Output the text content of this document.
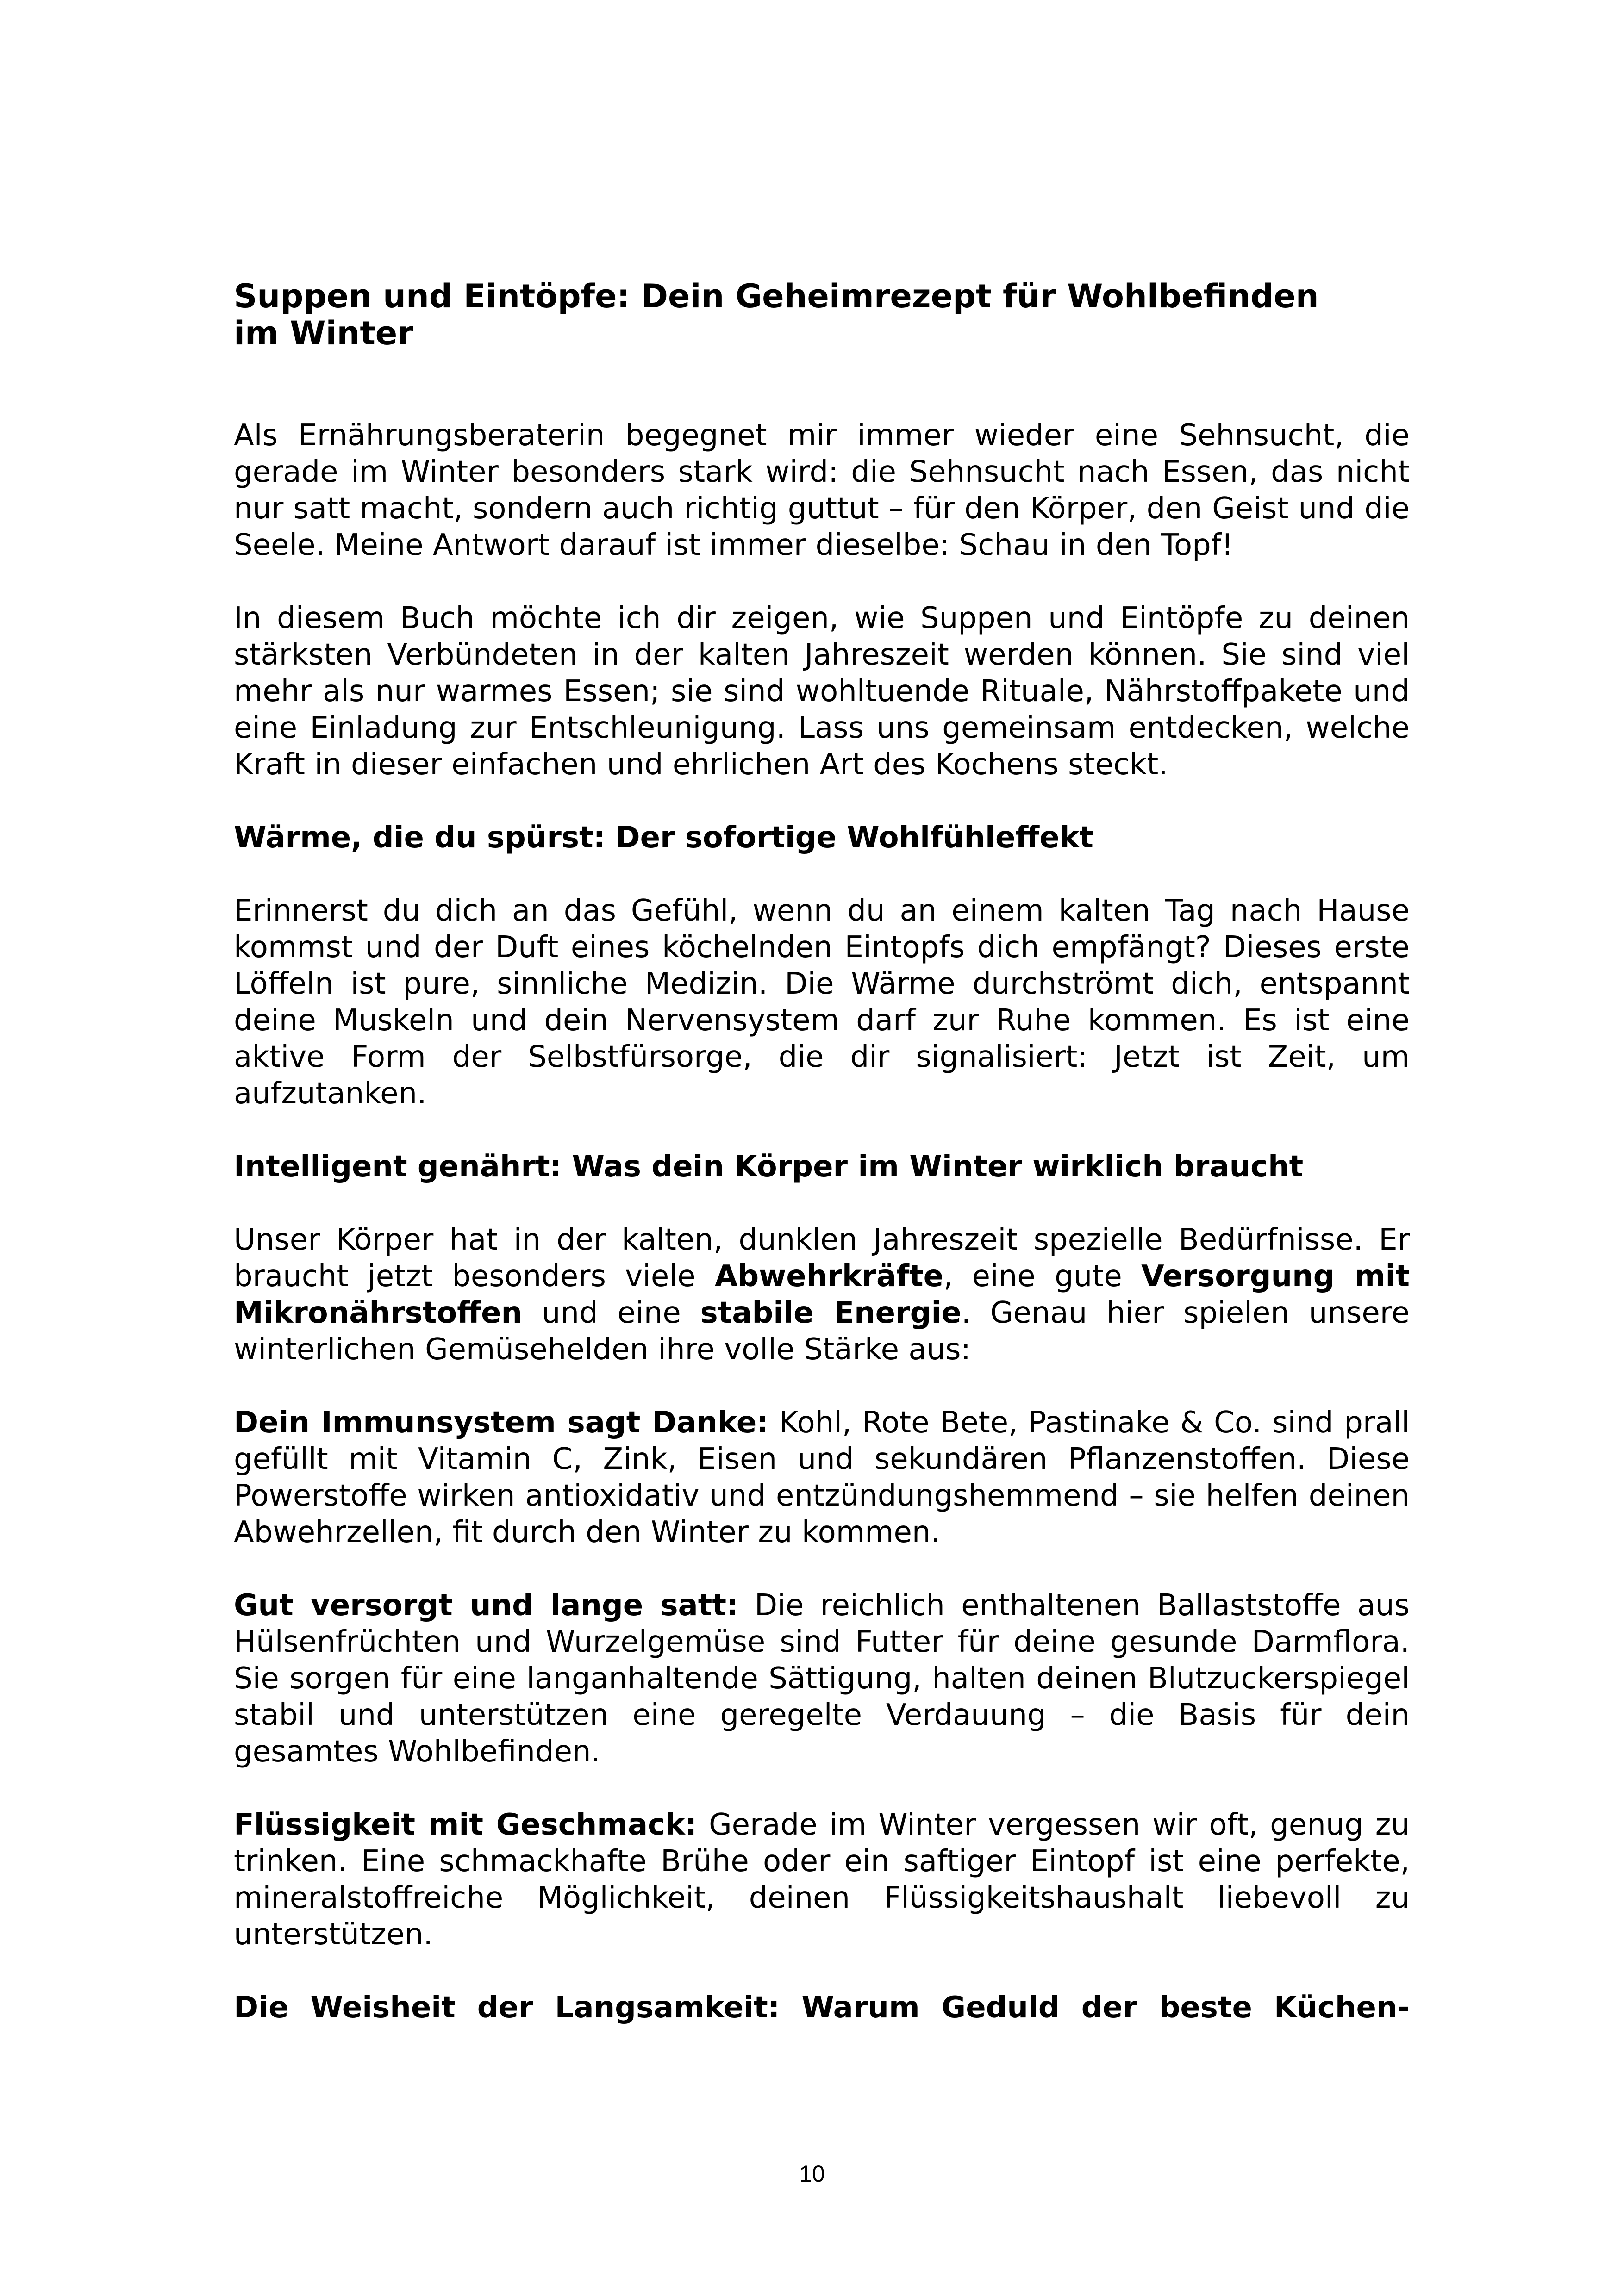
Suppen und Eintöpfe: Dein Geheimrezept für Wohlbefinden im Winter

Als Ernährungsberaterin begegnet mir immer wieder eine Sehnsucht, die gerade im Winter besonders stark wird: die Sehnsucht nach Essen, das nicht nur satt macht, sondern auch richtig guttut – für den Körper, den Geist und die Seele. Meine Antwort darauf ist immer dieselbe: Schau in den Topf!

In diesem Buch möchte ich dir zeigen, wie Suppen und Eintöpfe zu deinen stärksten Verbündeten in der kalten Jahreszeit werden können. Sie sind viel mehr als nur warmes Essen; sie sind wohltuende Rituale, Nährstoffpakete und eine Einladung zur Entschleunigung. Lass uns gemeinsam entdecken, welche Kraft in dieser einfachen und ehrlichen Art des Kochens steckt.

Wärme, die du spürst: Der sofortige Wohlfühleffekt

Erinnerst du dich an das Gefühl, wenn du an einem kalten Tag nach Hause kommst und der Duft eines köchelnden Eintopfs dich empfängt? Dieses erste Löffeln ist pure, sinnliche Medizin. Die Wärme durchströmt dich, entspannt deine Muskeln und dein Nervensystem darf zur Ruhe kommen. Es ist eine aktive Form der Selbstfürsorge, die dir signalisiert: Jetzt ist Zeit, um aufzutanken.

Intelligent genährt: Was dein Körper im Winter wirklich braucht

Unser Körper hat in der kalten, dunklen Jahreszeit spezielle Bedürfnisse. Er braucht jetzt besonders viele Abwehrkräfte, eine gute Versorgung mit Mikronährstoffen und eine stabile Energie. Genau hier spielen unsere winterlichen Gemüsehelden ihre volle Stärke aus:

Dein Immunsystem sagt Danke: Kohl, Rote Bete, Pastinake & Co. sind prall gefüllt mit Vitamin C, Zink, Eisen und sekundären Pflanzenstoffen. Diese Powerstoffe wirken antioxidativ und entzündungshemmend – sie helfen deinen Abwehrzellen, fit durch den Winter zu kommen.

Gut versorgt und lange satt: Die reichlich enthaltenen Ballaststoffe aus Hülsenfrüchten und Wurzelgemüse sind Futter für deine gesunde Darmflora. Sie sorgen für eine langanhaltende Sättigung, halten deinen Blutzuckerspiegel stabil und unterstützen eine geregelte Verdauung – die Basis für dein gesamtes Wohlbefinden.

Flüssigkeit mit Geschmack: Gerade im Winter vergessen wir oft, genug zu trinken. Eine schmackhafte Brühe oder ein saftiger Eintopf ist eine perfekte, mineralstoffreiche Möglichkeit, deinen Flüssigkeitshaushalt liebevoll zu unterstützen.

Die Weisheit der Langsamkeit: Warum Geduld der beste Küchen-
10
